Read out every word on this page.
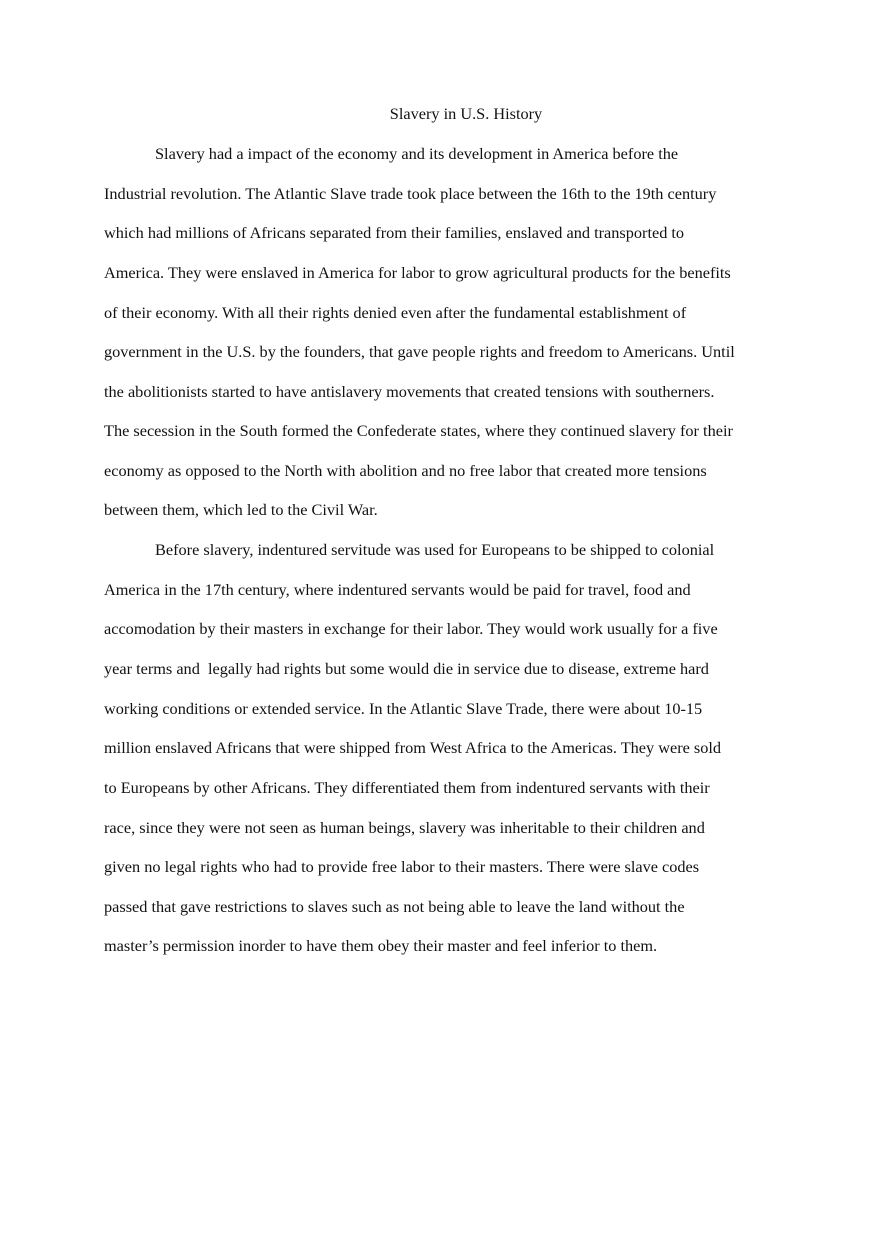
Slavery in U.S. History
Slavery had a impact of the economy and its development in America before the
Industrial revolution. The Atlantic Slave trade took place between the 16th to the 19th century
which had millions of Africans separated from their families, enslaved and transported to
America. They were enslaved in America for labor to grow agricultural products for the benefits
of their economy. With all their rights denied even after the fundamental establishment of
government in the U.S. by the founders, that gave people rights and freedom to Americans. Until
the abolitionists started to have antislavery movements that created tensions with southerners.
The secession in the South formed the Confederate states, where they continued slavery for their
economy as opposed to the North with abolition and no free labor that created more tensions
between them, which led to the Civil War.
Before slavery, indentured servitude was used for Europeans to be shipped to colonial
America in the 17th century, where indentured servants would be paid for travel, food and
accomodation by their masters in exchange for their labor. They would work usually for a five
year terms and  legally had rights but some would die in service due to disease, extreme hard
working conditions or extended service. In the Atlantic Slave Trade, there were about 10-15
million enslaved Africans that were shipped from West Africa to the Americas. They were sold
to Europeans by other Africans. They differentiated them from indentured servants with their
race, since they were not seen as human beings, slavery was inheritable to their children and
given no legal rights who had to provide free labor to their masters. There were slave codes
passed that gave restrictions to slaves such as not being able to leave the land without the
master’s permission inorder to have them obey their master and feel inferior to them.
